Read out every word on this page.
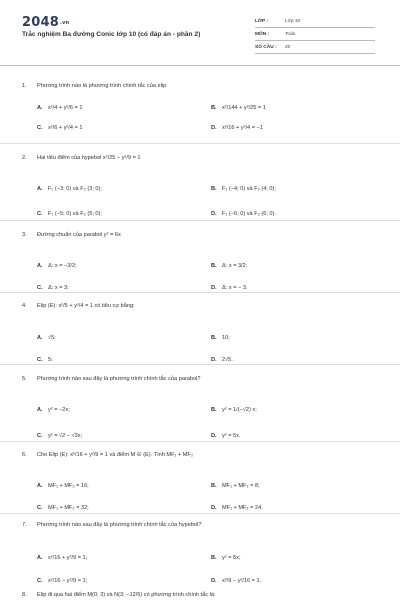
2048.vn
Trắc nghiệm Ba đường Conic lớp 10 (có đáp án - phần 2)
LỚP :	Lớp 10
MÔN :	Toán
SỐ CÂU :	20
1.	Phương trình nào là phương trình chính tắc của elip
A. x²/4 + y²/6 = 1	B. x²/144 + y²/25 = 1
C. x²/6 + y²/4 = 1	D. x²/16 + y²/4 = −1
2.	Hai tiêu điểm của hypebol x²/25 − y²/9 = 1
A. F₁ (−3; 0) và F₂ (3; 0);	B. F₁ (−4; 0) và F₂ (4; 0);
C. F₁ (−5; 0) và F₂ (5; 0);	D. F₁ (−6; 0) và F₂ (6; 0).
3.	Đường chuẩn của parabol y² = 6x
A. Δ: x = −3/2;	B. Δ: x = 3/2;
C. Δ: x = 3;	D. Δ: x = − 3.
4.	Elip (E): x²/5 + y²/4 = 1 có tiêu cự bằng:
A. √5;	B. 10;
C. 5;	D. 2√5.
5.	Phương trình nào sau đây là phương trình chính tắc của parabol?
A. y² = −2x;	B. y² = 1/(−√2) x;
C. y² = √2 − √3x;	D. y² = 5x.
6.	Cho Elip (E): x²/16 + y²/9 = 1 và điểm M ∈ (E). Tính MF₁ + MF₂
A. MF₁ + MF₂ = 16;	B. MF₁ + MF₂ = 8;
C. MF₁ + MF₂ = 32;	D. MF₁ + MF₂ = 24.
7.	Phương trình nào sau đây là phương trình chính tắc của hypebol?
A. x²/16 + y²/9 = 1;	B. y² = 5x;
C. x²/16 − y²/9 = 1;	D. x²/9 − y²/16 = 1.
8.	Elip đi qua hai điểm M(0; 3) và N(3; −12/5) có phương trình chính tắc là:
